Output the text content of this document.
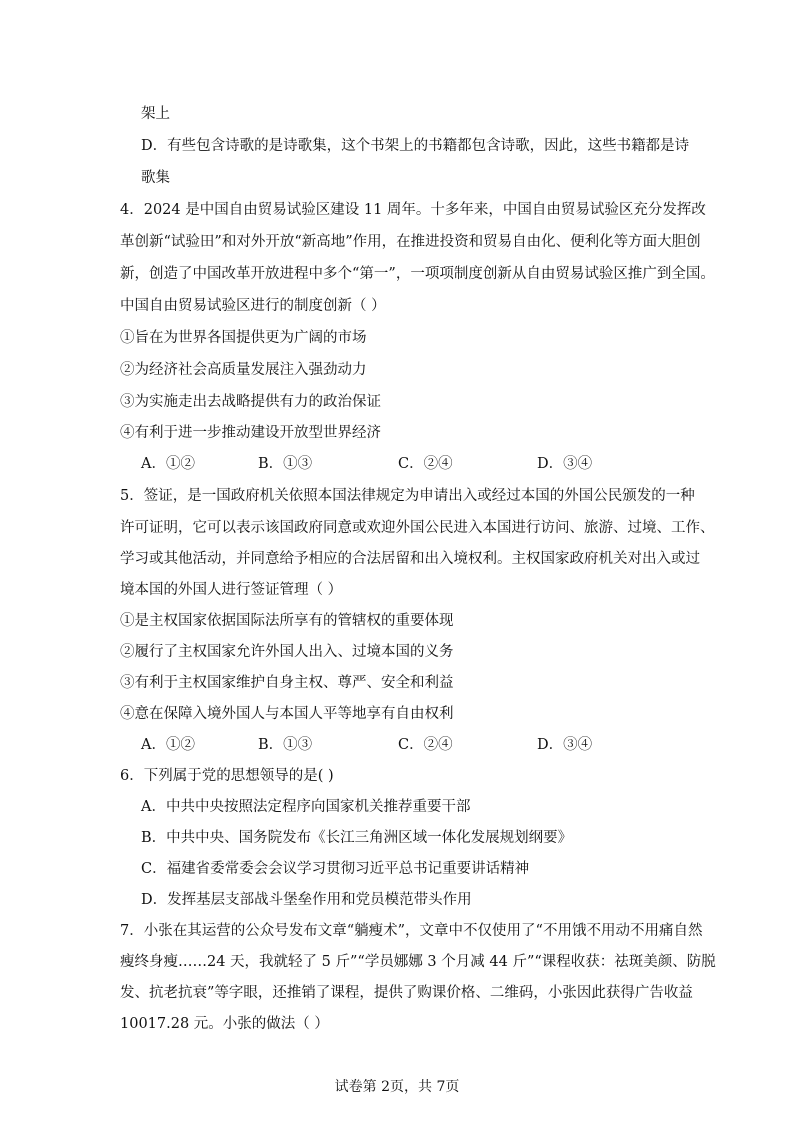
架上
D．有些包含诗歌的是诗歌集，这个书架上的书籍都包含诗歌，因此，这些书籍都是诗
歌集
4．2024 是中国自由贸易试验区建设 11 周年。十多年来，中国自由贸易试验区充分发挥改
革创新“试验田”和对外开放“新高地”作用，在推进投资和贸易自由化、便利化等方面大胆创
新，创造了中国改革开放进程中多个“第一”，一项项制度创新从自由贸易试验区推广到全国。
中国自由贸易试验区进行的制度创新（ ）
①旨在为世界各国提供更为广阔的市场
②为经济社会高质量发展注入强劲动力
③为实施走出去战略提供有力的政治保证
④有利于进一步推动建设开放型世界经济
A．①②	B．①③	C．②④	D．③④
5．签证，是一国政府机关依照本国法律规定为申请出入或经过本国的外国公民颁发的一种
许可证明，它可以表示该国政府同意或欢迎外国公民进入本国进行访问、旅游、过境、工作、
学习或其他活动，并同意给予相应的合法居留和出入境权利。主权国家政府机关对出入或过
境本国的外国人进行签证管理（ ）
①是主权国家依据国际法所享有的管辖权的重要体现
②履行了主权国家允许外国人出入、过境本国的义务
③有利于主权国家维护自身主权、尊严、安全和利益
④意在保障入境外国人与本国人平等地享有自由权利
A．①②	B．①③	C．②④	D．③④
6．下列属于党的思想领导的是( )
A．中共中央按照法定程序向国家机关推荐重要干部
B．中共中央、国务院发布《长江三角洲区域一体化发展规划纲要》
C．福建省委常委会会议学习贯彻习近平总书记重要讲话精神
D．发挥基层支部战斗堡垒作用和党员模范带头作用
7．小张在其运营的公众号发布文章“躺瘦术”，文章中不仅使用了“不用饿不用动不用痛自然
瘦终身瘦……24 天，我就轻了 5 斤”“学员娜娜 3 个月减 44 斤”“课程收获：祛斑美颜、防脱
发、抗老抗衰”等字眼，还推销了课程，提供了购课价格、二维码，小张因此获得广告收益
10017.28 元。小张的做法（ ）
试卷第 2页，共 7页
